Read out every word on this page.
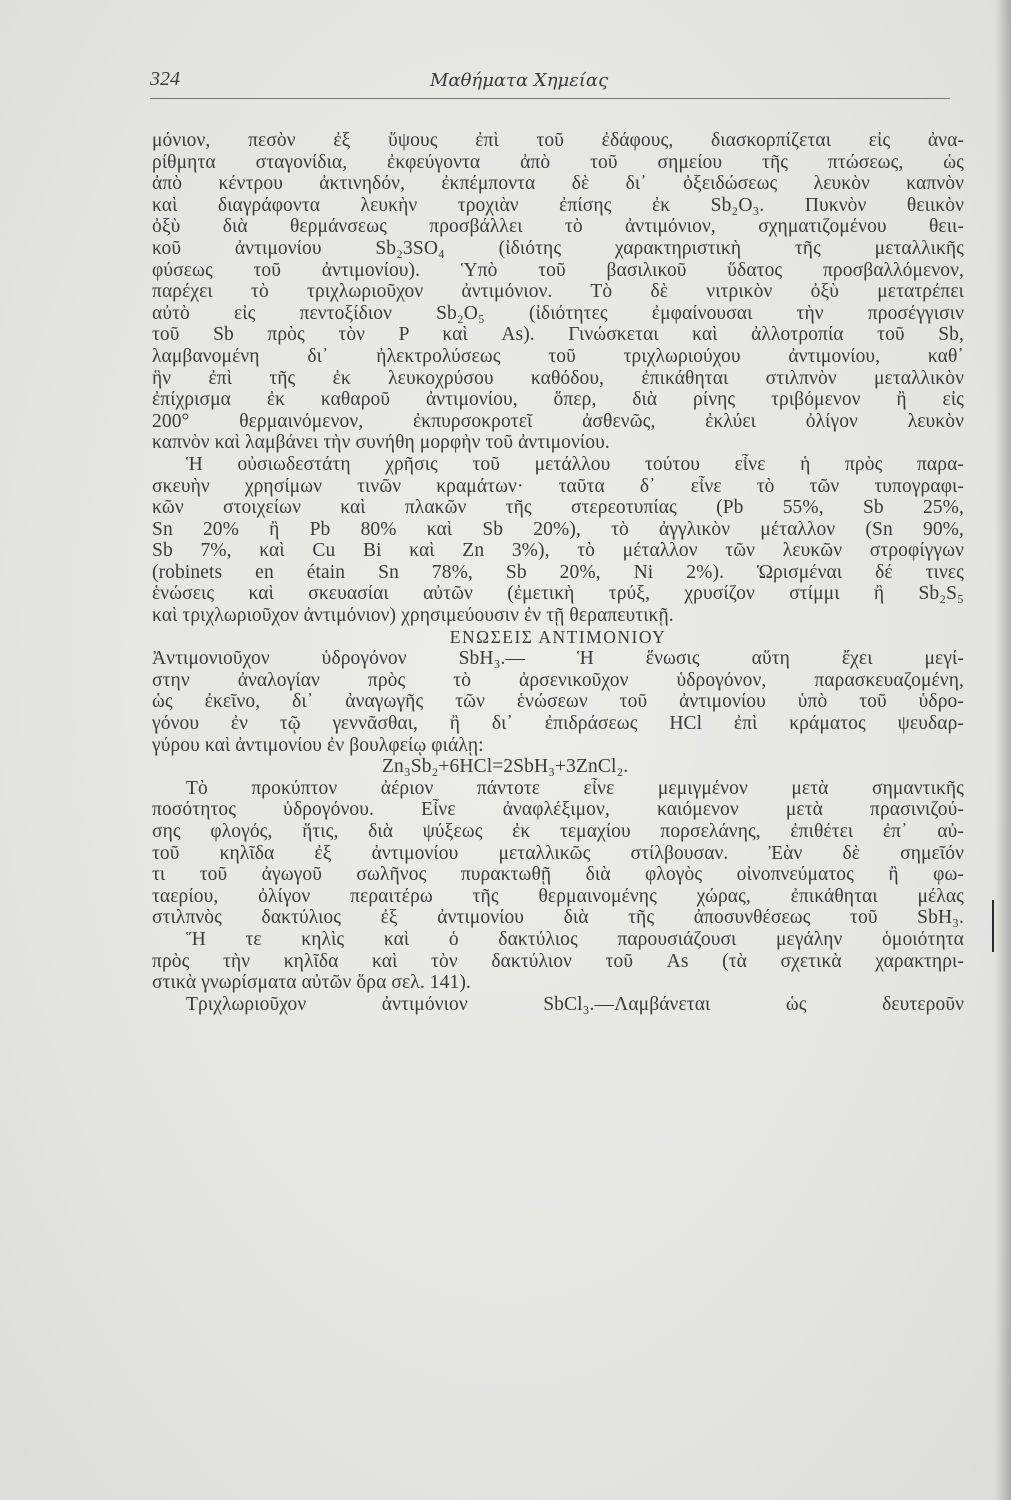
324	Μαθήματα Χημείας
μόνιον, πεσὸν ἐξ ὕψους ἐπὶ τοῦ ἐδάφους, διασκορπίζεται εἰς ἀνα-
ρίθμητα σταγονίδια, ἐκφεύγοντα ἀπὸ τοῦ σημείου τῆς πτώσεως, ὡς
ἀπὸ κέντρου ἀκτινηδόν, ἐκπέμποντα δὲ δι᾽ ὀξειδώσεως λευκὸν καπνὸν
καὶ διαγράφοντα λευκὴν τροχιὰν ἐπίσης ἐκ Sb₂O₃. Πυκνὸν θειικὸν
ὀξὺ διὰ θερμάνσεως προσβάλλει τὸ ἀντιμόνιον, σχηματιζομένου θειι-
κοῦ ἀντιμονίου Sb₂3SO₄ (ἰδιότης χαρακτηριστικὴ τῆς μεταλλικῆς
φύσεως τοῦ ἀντιμονίου). Ὑπὸ τοῦ βασιλικοῦ ὕδατος προσβαλλόμενον,
παρέχει τὸ τριχλωριοῦχον ἀντιμόνιον. Τὸ δὲ νιτρικὸν ὀξὺ μετατρέπει
αὐτὸ εἰς πεντοξίδιον Sb₂O₅ (ἰδιότητες ἐμφαίνουσαι τὴν προσέγγισιν
τοῦ Sb πρὸς τὸν P καὶ As). Γινώσκεται καὶ ἀλλοτροπία τοῦ Sb,
λαμβανομένη δι᾽ ἠλεκτρολύσεως τοῦ τριχλωριούχου ἀντιμονίου, καθ᾽
ἣν ἐπὶ τῆς ἐκ λευκοχρύσου καθόδου, ἐπικάθηται στιλπνὸν μεταλλικὸν
ἐπίχρισμα ἐκ καθαροῦ ἀντιμονίου, ὅπερ, διὰ ρίνης τριβόμενον ἢ εἰς
200° θερμαινόμενον, ἐκπυρσοκροτεῖ ἀσθενῶς, ἐκλύει ὀλίγον λευκὸν
καπνὸν καὶ λαμβάνει τὴν συνήθη μορφὴν τοῦ ἀντιμονίου.
Ἡ οὐσιωδεστάτη χρῆσις τοῦ μετάλλου τούτου εἶνε ἡ πρὸς παρα-
σκευὴν χρησίμων τινῶν κραμάτων· ταῦτα δ᾽ εἶνε τὸ τῶν τυπογραφι-
κῶν στοιχείων καὶ πλακῶν τῆς στερεοτυπίας (Pb 55%, Sb 25%,
Sn 20% ἢ Pb 80% καὶ Sb 20%), τὸ ἀγγλικὸν μέταλλον (Sn 90%,
Sb 7%, καὶ Cu Bi καὶ Zn 3%), τὸ μέταλλον τῶν λευκῶν στροφίγγων
(robinets en étain Sn 78%, Sb 20%, Ni 2%). Ὡρισμέναι δέ τινες
ἑνώσεις καὶ σκευασίαι αὐτῶν (ἐμετικὴ τρύξ, χρυσίζον στίμμι ἢ Sb₂S₅
καὶ τριχλωριοῦχον ἀντιμόνιον) χρησιμεύουσιν ἐν τῇ θεραπευτικῇ.
ΕΝΩΣΕΙΣ ΑΝΤΙΜΟΝΙΟΥ
Ἀντιμονιοῦχον ὑδρογόνον SbH₃.— Ἡ ἕνωσις αὕτη ἔχει μεγί-
στην ἀναλογίαν πρὸς τὸ ἀρσενικοῦχον ὑδρογόνον, παρασκευαζομένη,
ὡς ἐκεῖνο, δι᾽ ἀναγωγῆς τῶν ἑνώσεων τοῦ ἀντιμονίου ὑπὸ τοῦ ὑδρο-
γόνου ἐν τῷ γεννᾶσθαι, ἢ δι᾽ ἐπιδράσεως HCl ἐπὶ κράματος ψευδαρ-
γύρου καὶ ἀντιμονίου ἐν βουλφείῳ φιάλῃ:
Zn₃Sb₂+6HCl=2SbH₃+3ZnCl₂.
Τὸ προκύπτον ἀέριον πάντοτε εἶνε μεμιγμένον μετὰ σημαντικῆς
ποσότητος ὑδρογόνου. Εἶνε ἀναφλέξιμον, καιόμενον μετὰ πρασινιζού-
σης φλογός, ἥτις, διὰ ψύξεως ἐκ τεμαχίου πορσελάνης, ἐπιθέτει ἐπ᾽ αὐ-
τοῦ κηλῖδα ἐξ ἀντιμονίου μεταλλικῶς στίλβουσαν. Ἐὰν δὲ σημεῖόν
τι τοῦ ἀγωγοῦ σωλῆνος πυρακτωθῇ διὰ φλογὸς οἰνοπνεύματος ἢ φω-
ταερίου, ὀλίγον περαιτέρω τῆς θερμαινομένης χώρας, ἐπικάθηται μέλας
στιλπνὸς δακτύλιος ἐξ ἀντιμονίου διὰ τῆς ἀποσυνθέσεως τοῦ SbH₃.
Ἥ τε κηλὶς καὶ ὁ δακτύλιος παρουσιάζουσι μεγάλην ὁμοιότητα
πρὸς τὴν κηλῖδα καὶ τὸν δακτύλιον τοῦ As (τὰ σχετικὰ χαρακτηρι-
στικὰ γνωρίσματα αὐτῶν ὅρα σελ. 141).
Τριχλωριοῦχον ἀντιμόνιον SbCl₃.—Λαμβάνεται ὡς δευτεροῦν
